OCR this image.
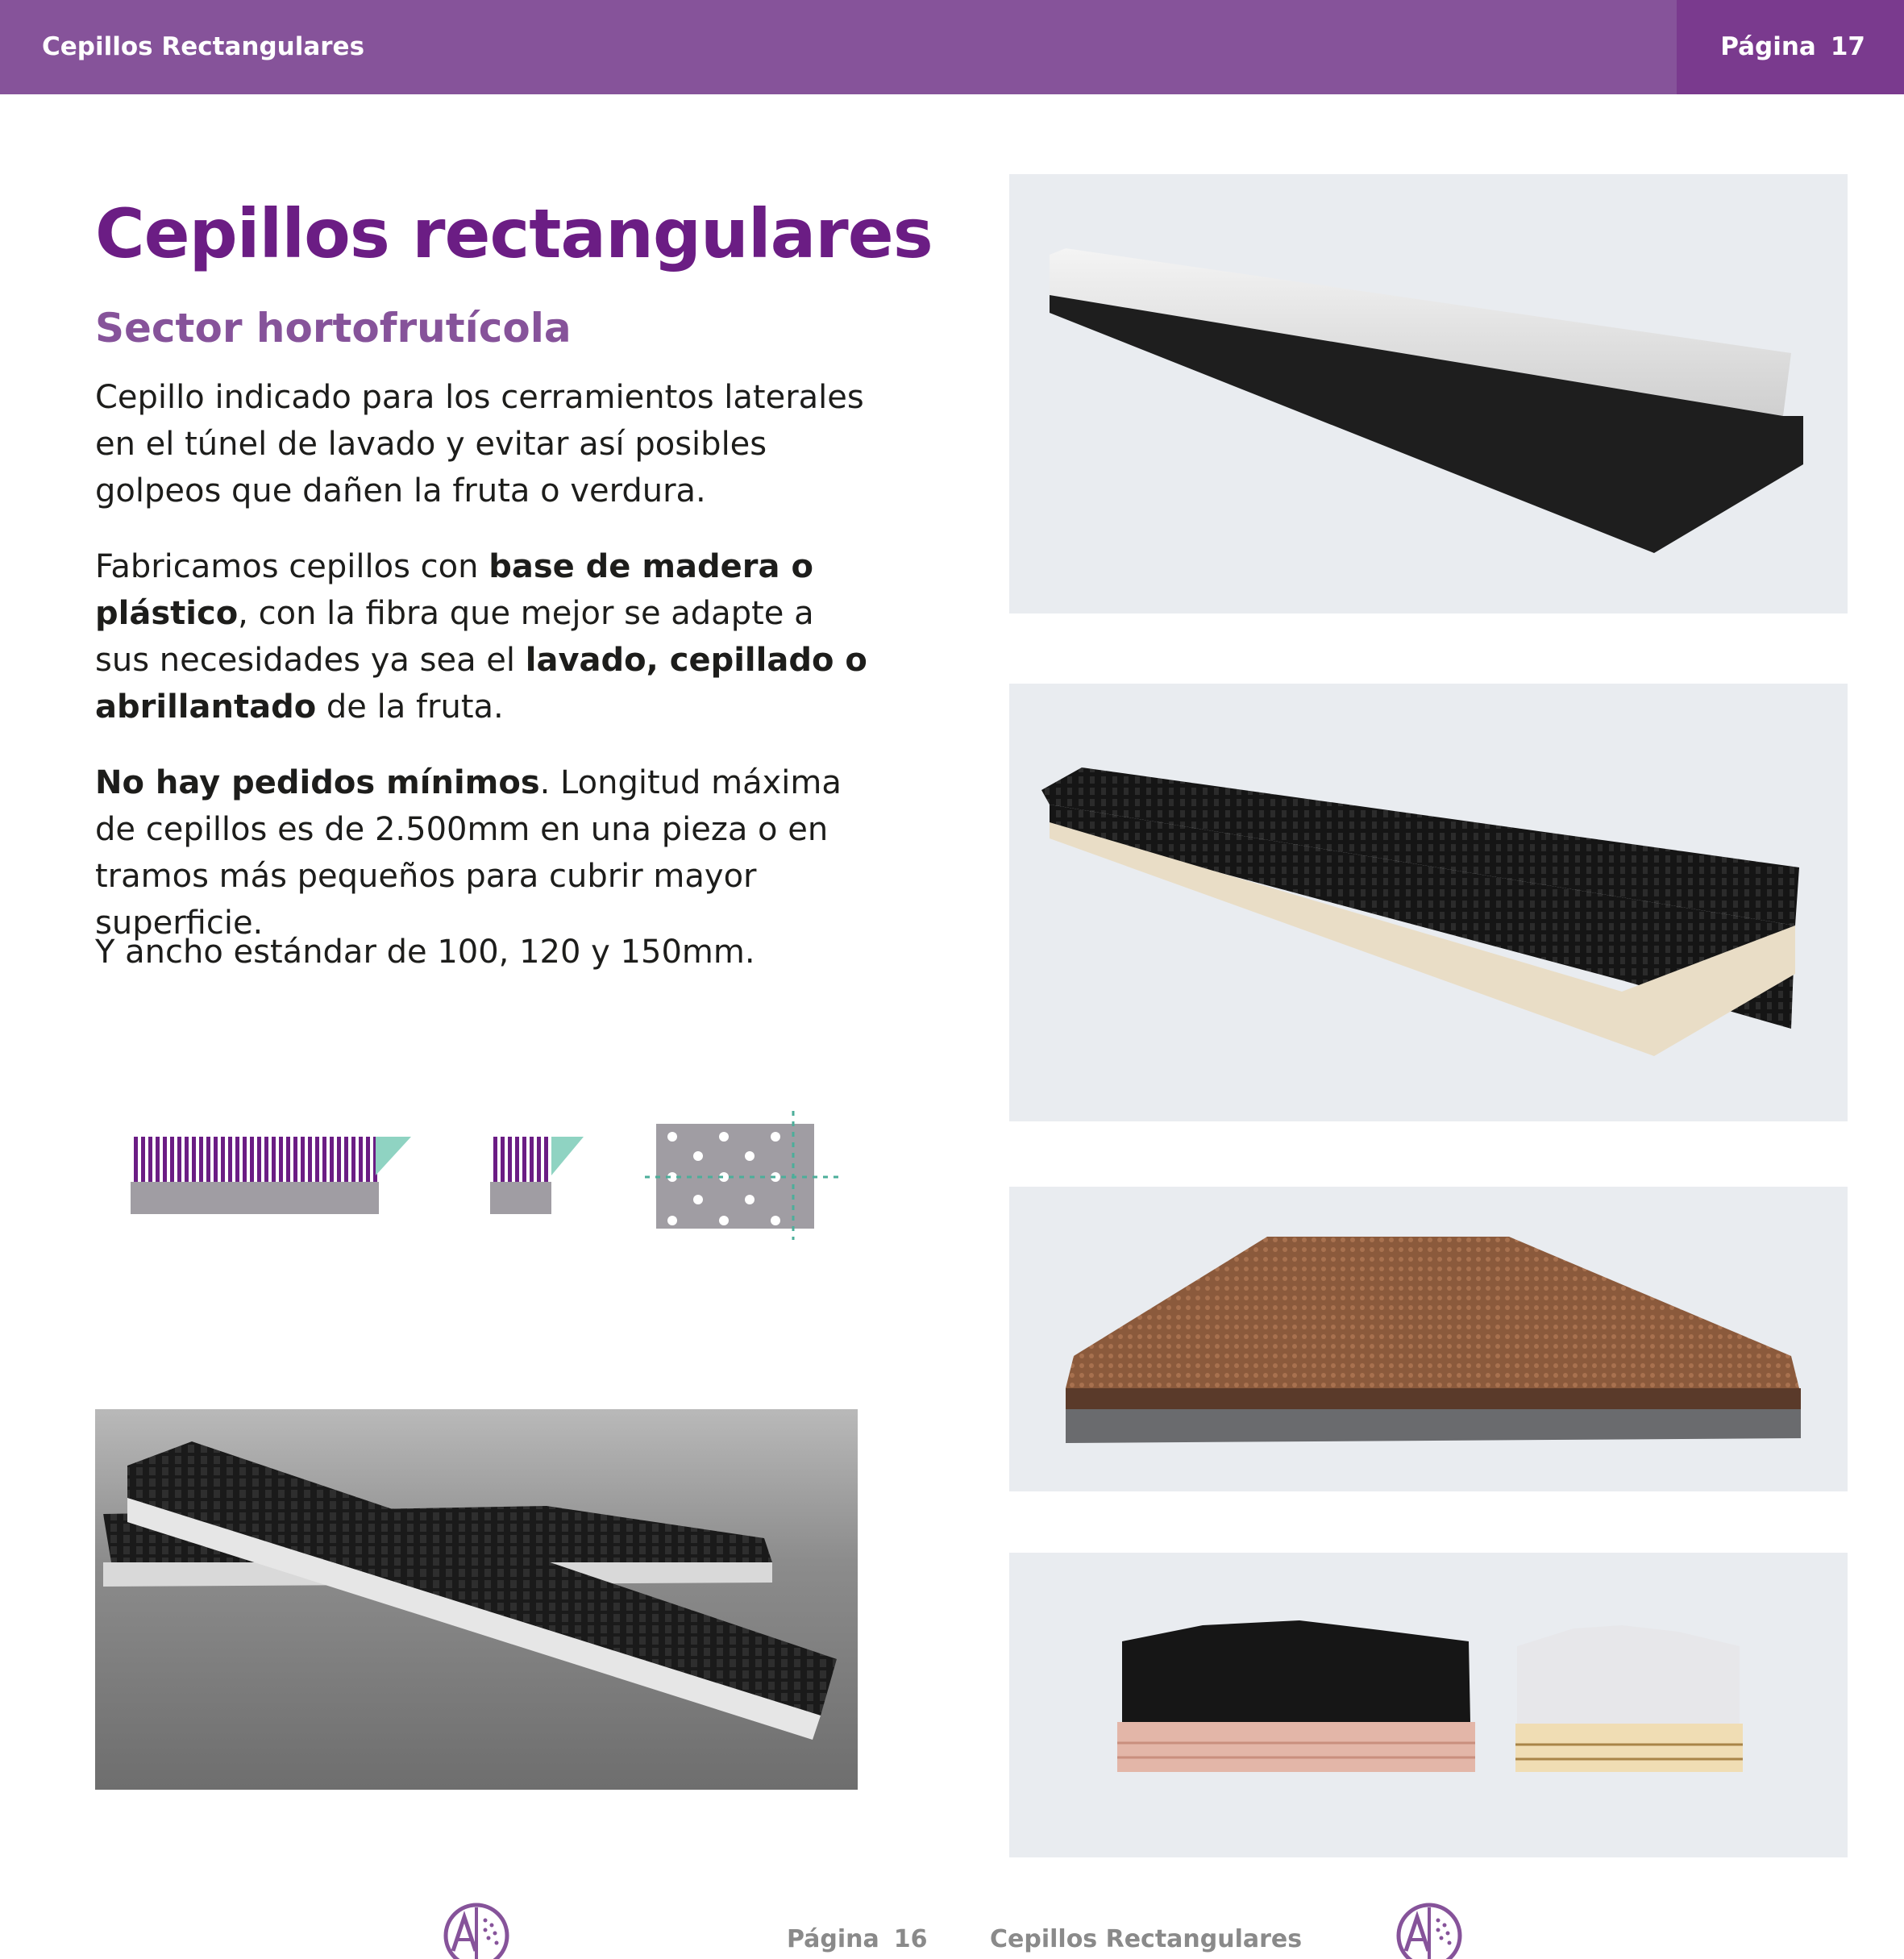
Cepillos Rectangulares	Página 17
Cepillos rectangulares
Sector hortofrutícola

Cepillo indicado para los cerramientos laterales en el túnel de lavado y evitar así posibles golpeos que dañen la fruta o verdura.

Fabricamos cepillos con base de madera o plástico, con la fibra que mejor se adapte a sus necesidades ya sea el lavado, cepillado o abrillantado de la fruta.

No hay pedidos mínimos. Longitud máxima de cepillos es de 2.500mm en una pieza o en tramos más pequeños para cubrir mayor superficie.

Y ancho estándar de 100, 120 y 150mm.

Página 16	Cepillos Rectangulares
